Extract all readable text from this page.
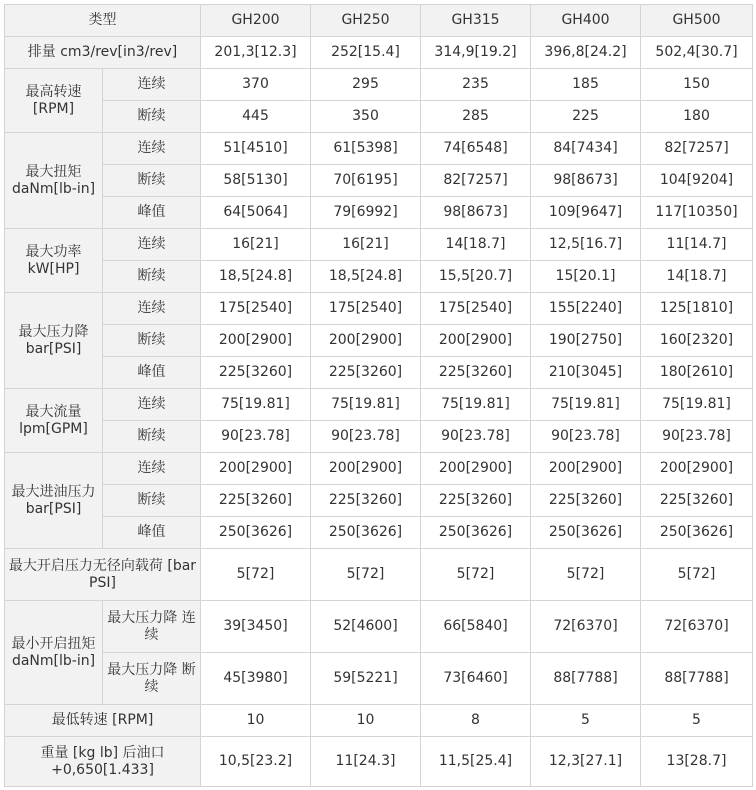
类型		GH200	GH250	GH315	GH400	GH500
排量 cm3/rev[in3/rev]		201,3[12.3]	252[15.4]	314,9[19.2]	396,8[24.2]	502,4[30.7]
最高转速 [RPM]	连续	370	295	235	185	150
	断续	445	350	285	225	180
最大扭矩 daNm[lb-in]	连续	51[4510]	61[5398]	74[6548]	84[7434]	82[7257]
	断续	58[5130]	70[6195]	82[7257]	98[8673]	104[9204]
	峰值	64[5064]	79[6992]	98[8673]	109[9647]	117[10350]
最大功率 kW[HP]	连续	16[21]	16[21]	14[18.7]	12,5[16.7]	11[14.7]
	断续	18,5[24.8]	18,5[24.8]	15,5[20.7]	15[20.1]	14[18.7]
最大压力降 bar[PSI]	连续	175[2540]	175[2540]	175[2540]	155[2240]	125[1810]
	断续	200[2900]	200[2900]	200[2900]	190[2750]	160[2320]
	峰值	225[3260]	225[3260]	225[3260]	210[3045]	180[2610]
最大流量 lpm[GPM]	连续	75[19.81]	75[19.81]	75[19.81]	75[19.81]	75[19.81]
	断续	90[23.78]	90[23.78]	90[23.78]	90[23.78]	90[23.78]
最大进油压力bar[PSI]	连续	200[2900]	200[2900]	200[2900]	200[2900]	200[2900]
	断续	225[3260]	225[3260]	225[3260]	225[3260]	225[3260]
	峰值	250[3626]	250[3626]	250[3626]	250[3626]	250[3626]
最大开启压力无径向载荷 [bar PSI]		5[72]	5[72]	5[72]	5[72]	5[72]
最小开启扭矩 daNm[lb-in]	最大压力降 连续	39[3450]	52[4600]	66[5840]	72[6370]	72[6370]
	最大压力降 断续	45[3980]	59[5221]	73[6460]	88[7788]	88[7788]
最低转速 [RPM]		10	10	8	5	5
重量 [kg lb] 后油口 +0,650[1.433]		10,5[23.2]	11[24.3]	11,5[25.4]	12,3[27.1]	13[28.7]
